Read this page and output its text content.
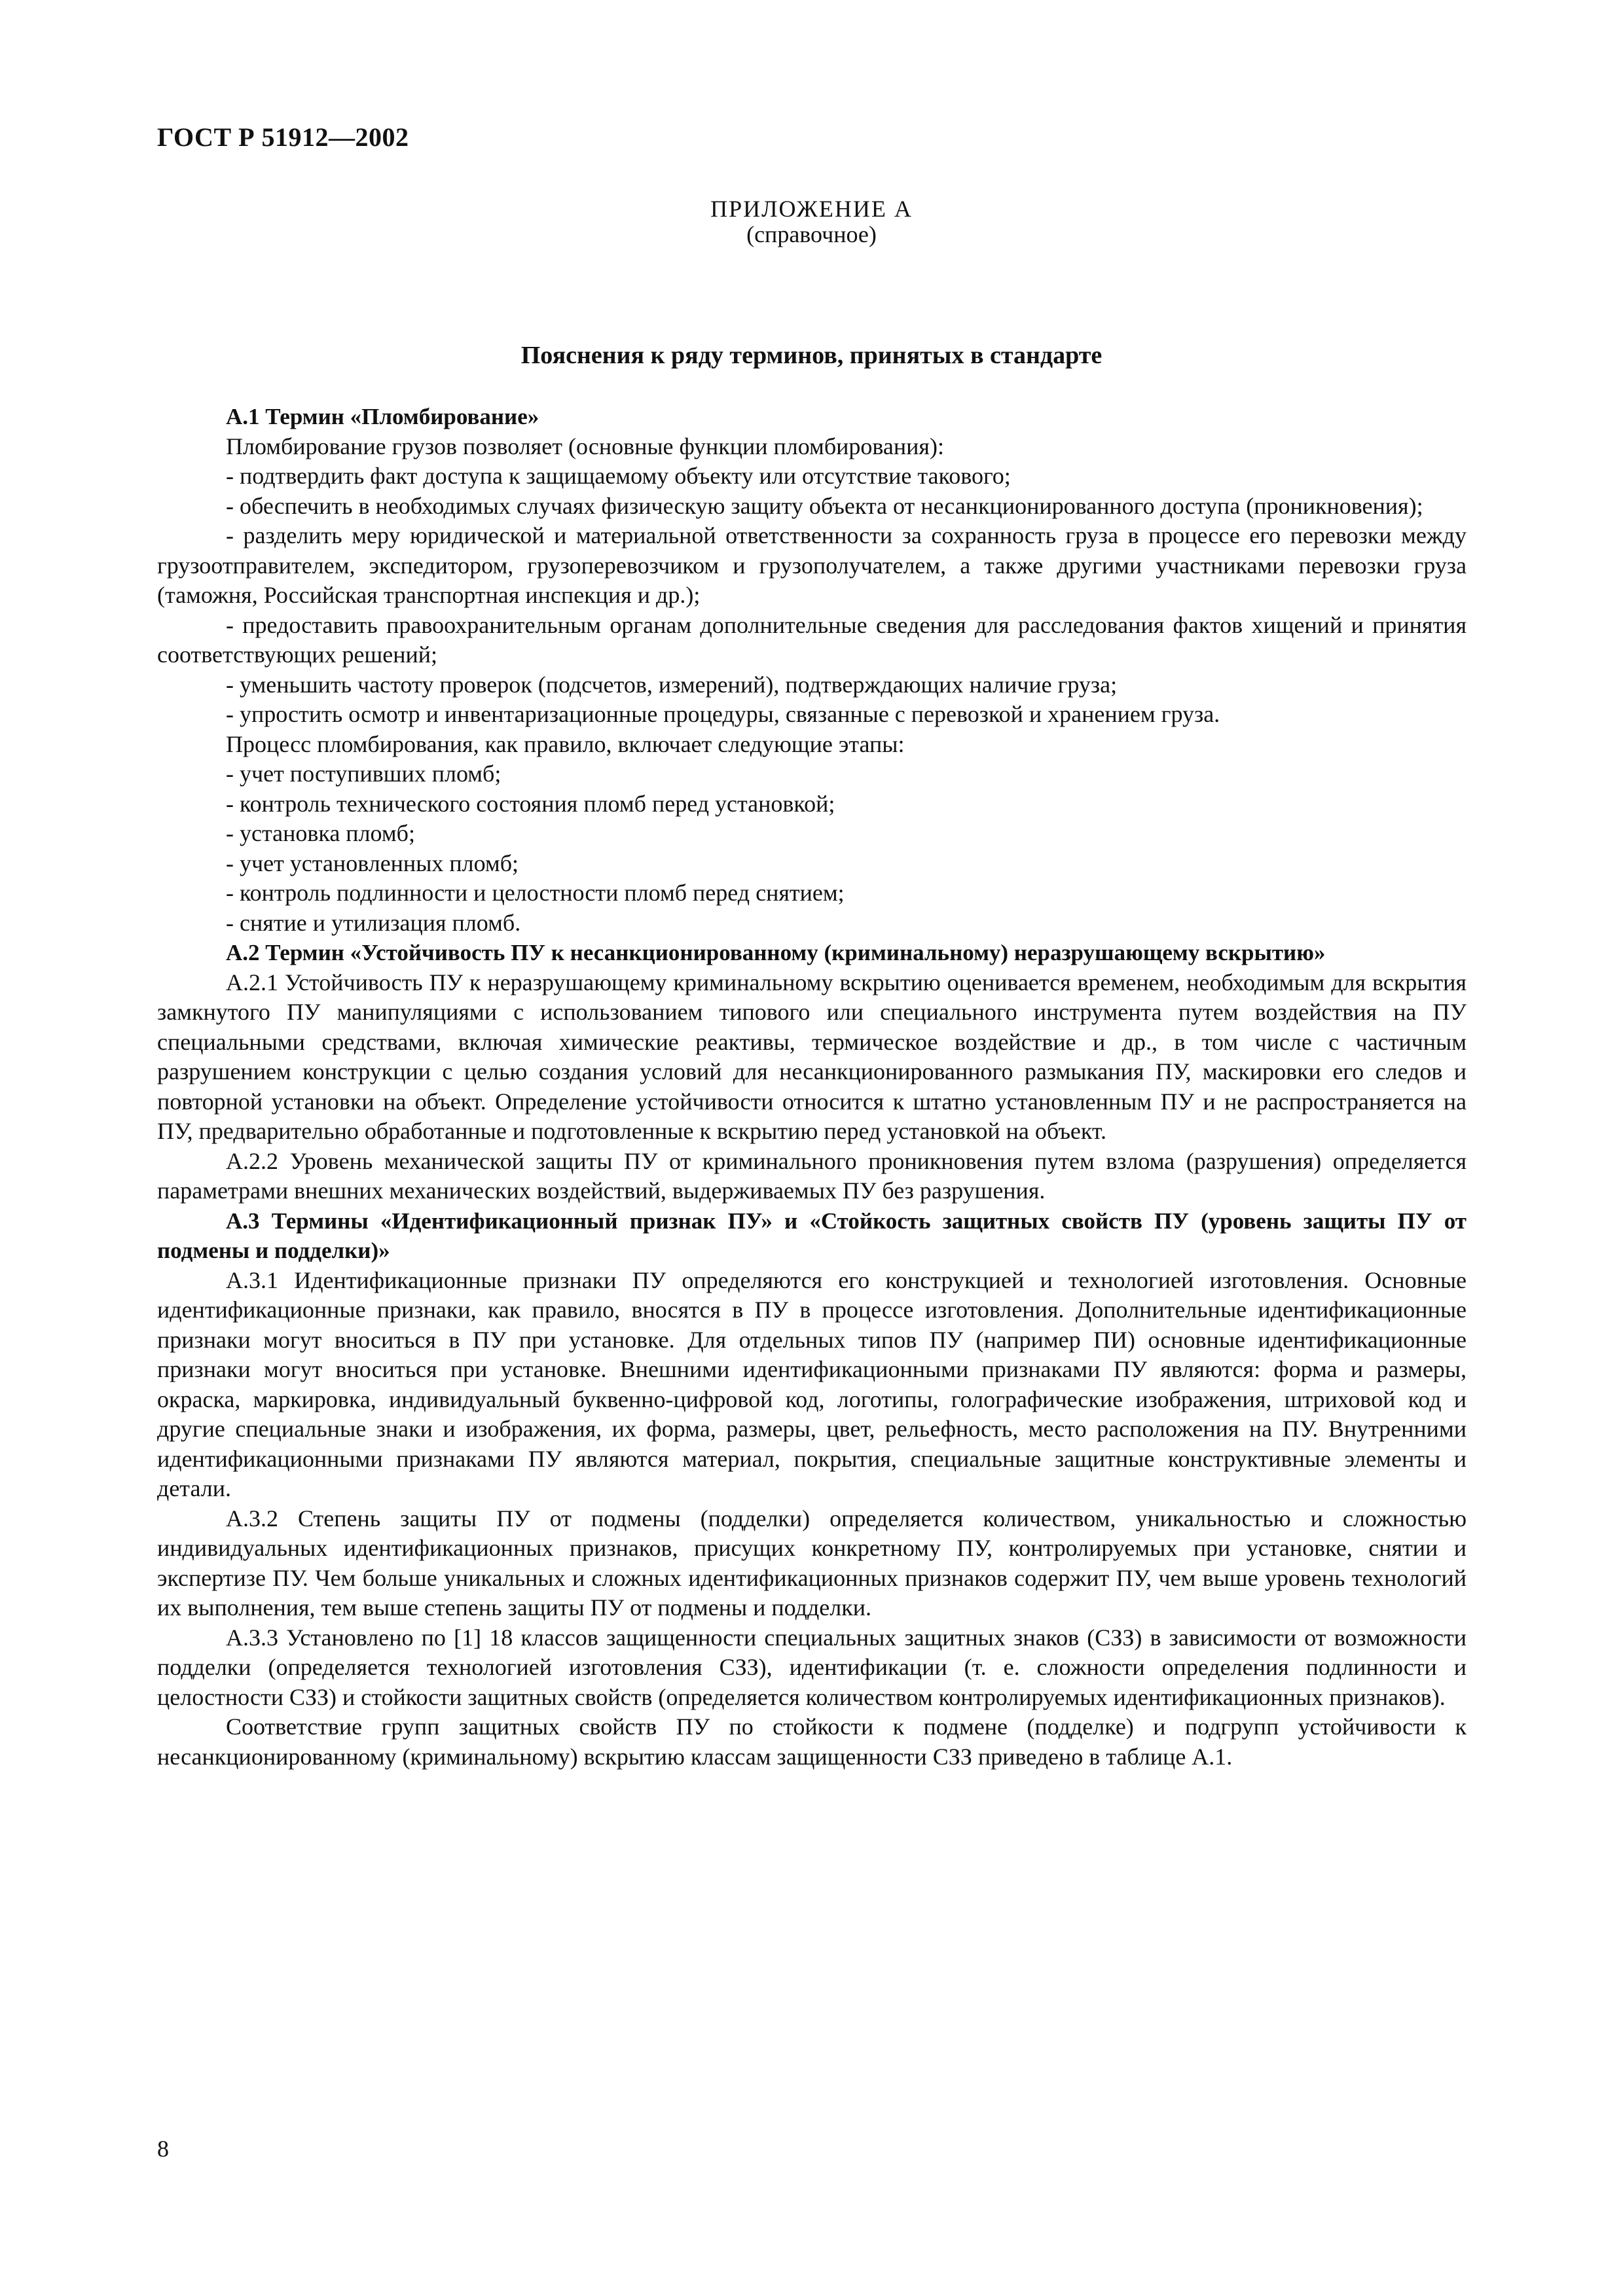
ГОСТ Р 51912—2002
ПРИЛОЖЕНИЕ А
(справочное)
Пояснения к ряду терминов, принятых в стандарте

А.1 Термин «Пломбирование»

Пломбирование грузов позволяет (основные функции пломбирования):

- подтвердить факт доступа к защищаемому объекту или отсутствие такового;

- обеспечить в необходимых случаях физическую защиту объекта от несанкционированного доступа (проникновения);

- разделить меру юридической и материальной ответственности за сохранность груза в процессе его перевозки между грузоотправителем, экспедитором, грузоперевозчиком и грузополучателем, а также другими участниками перевозки груза (таможня, Российская транспортная инспекция и др.);

- предоставить правоохранительным органам дополнительные сведения для расследования фактов хищений и принятия соответствующих решений;

- уменьшить частоту проверок (подсчетов, измерений), подтверждающих наличие груза;

- упростить осмотр и инвентаризационные процедуры, связанные с перевозкой и хранением груза.

Процесс пломбирования, как правило, включает следующие этапы:

- учет поступивших пломб;

- контроль технического состояния пломб перед установкой;

- установка пломб;

- учет установленных пломб;

- контроль подлинности и целостности пломб перед снятием;

- снятие и утилизация пломб.

А.2 Термин «Устойчивость ПУ к несанкционированному (криминальному) неразрушающему вскрытию»

А.2.1 Устойчивость ПУ к неразрушающему криминальному вскрытию оценивается временем, необходимым для вскрытия замкнутого ПУ манипуляциями с использованием типового или специального инструмента путем воздействия на ПУ специальными средствами, включая химические реактивы, термическое воздействие и др., в том числе с частичным разрушением конструкции с целью создания условий для несанкционированного размыкания ПУ, маскировки его следов и повторной установки на объект. Определение устойчивости относится к штатно установленным ПУ и не распространяется на ПУ, предварительно обработанные и подготовленные к вскрытию перед установкой на объект.

А.2.2 Уровень механической защиты ПУ от криминального проникновения путем взлома (разрушения) определяется параметрами внешних механических воздействий, выдерживаемых ПУ без разрушения.

А.3 Термины «Идентификационный признак ПУ» и «Стойкость защитных свойств ПУ (уровень защиты ПУ от подмены и подделки)»

А.3.1 Идентификационные признаки ПУ определяются его конструкцией и технологией изготовления. Основные идентификационные признаки, как правило, вносятся в ПУ в процессе изготовления. Дополнительные идентификационные признаки могут вноситься в ПУ при установке. Для отдельных типов ПУ (например ПИ) основные идентификационные признаки могут вноситься при установке. Внешними идентификационными признаками ПУ являются: форма и размеры, окраска, маркировка, индивидуальный буквенно-цифровой код, логотипы, голографические изображения, штриховой код и другие специальные знаки и изображения, их форма, размеры, цвет, рельефность, место расположения на ПУ. Внутренними идентификационными признаками ПУ являются материал, покрытия, специальные защитные конструктивные элементы и детали.

А.3.2 Степень защиты ПУ от подмены (подделки) определяется количеством, уникальностью и сложностью индивидуальных идентификационных признаков, присущих конкретному ПУ, контролируемых при установке, снятии и экспертизе ПУ. Чем больше уникальных и сложных идентификационных признаков содержит ПУ, чем выше уровень технологий их выполнения, тем выше степень защиты ПУ от подмены и подделки.

А.3.3 Установлено по [1] 18 классов защищенности специальных защитных знаков (СЗЗ) в зависимости от возможности подделки (определяется технологией изготовления СЗЗ), идентификации (т. е. сложности определения подлинности и целостности СЗЗ) и стойкости защитных свойств (определяется количеством контролируемых идентификационных признаков).

Соответствие групп защитных свойств ПУ по стойкости к подмене (подделке) и подгрупп устойчивости к несанкционированному (криминальному) вскрытию классам защищенности СЗЗ приведено в таблице А.1.

8
